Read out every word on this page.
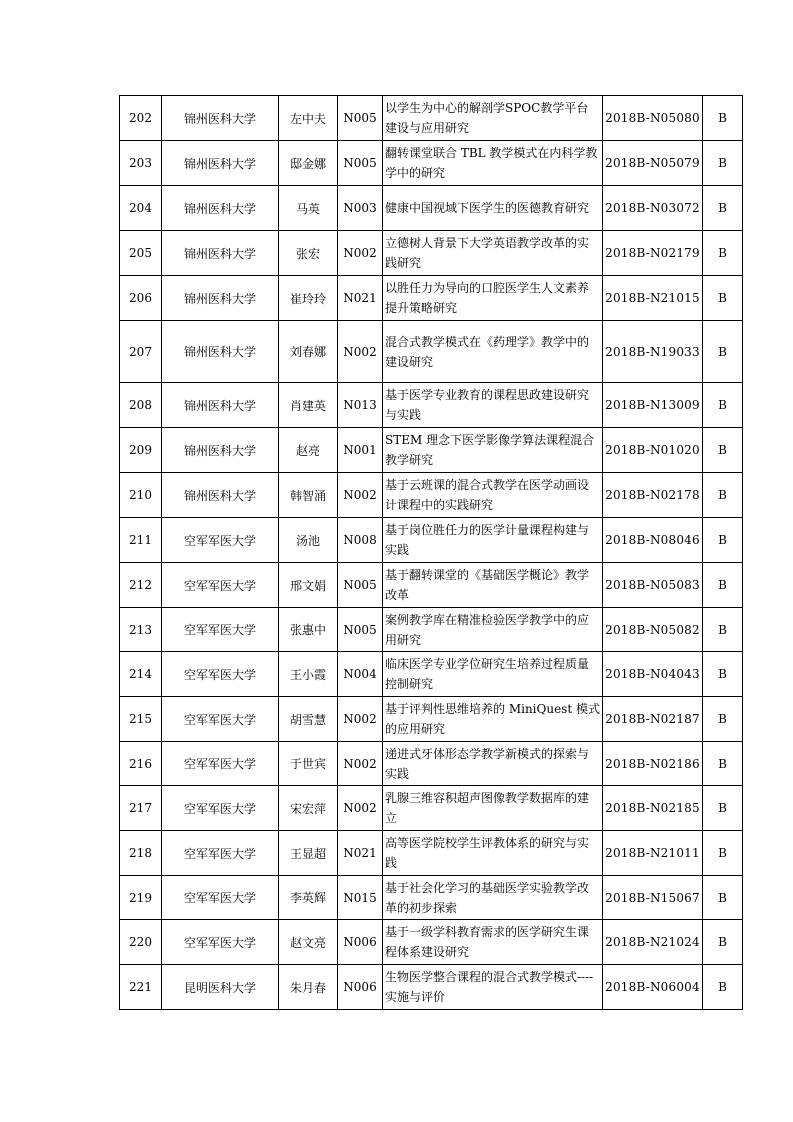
202	锦州医科大学	左中夫	N005	以学生为中心的解剖学SPOC教学平台建设与应用研究	2018B-N05080	B
203	锦州医科大学	邸金娜	N005	翻转课堂联合 TBL 教学模式在内科学教学中的研究	2018B-N05079	B
204	锦州医科大学	马英	N003	健康中国视域下医学生的医德教育研究	2018B-N03072	B
205	锦州医科大学	张宏	N002	立德树人背景下大学英语教学改革的实践研究	2018B-N02179	B
206	锦州医科大学	崔玲玲	N021	以胜任力为导向的口腔医学生人文素养提升策略研究	2018B-N21015	B
207	锦州医科大学	刘春娜	N002	混合式教学模式在《药理学》教学中的建设研究	2018B-N19033	B
208	锦州医科大学	肖建英	N013	基于医学专业教育的课程思政建设研究与实践	2018B-N13009	B
209	锦州医科大学	赵亮	N001	STEM 理念下医学影像学算法课程混合教学研究	2018B-N01020	B
210	锦州医科大学	韩智涌	N002	基于云班课的混合式教学在医学动画设计课程中的实践研究	2018B-N02178	B
211	空军军医大学	汤池	N008	基于岗位胜任力的医学计量课程构建与实践	2018B-N08046	B
212	空军军医大学	邢文娟	N005	基于翻转课堂的《基础医学概论》教学改革	2018B-N05083	B
213	空军军医大学	张惠中	N005	案例教学库在精准检验医学教学中的应用研究	2018B-N05082	B
214	空军军医大学	王小霞	N004	临床医学专业学位研究生培养过程质量控制研究	2018B-N04043	B
215	空军军医大学	胡雪慧	N002	基于评判性思维培养的 MiniQuest 模式的应用研究	2018B-N02187	B
216	空军军医大学	于世宾	N002	递进式牙体形态学教学新模式的探索与实践	2018B-N02186	B
217	空军军医大学	宋宏萍	N002	乳腺三维容积超声图像教学数据库的建立	2018B-N02185	B
218	空军军医大学	王显超	N021	高等医学院校学生评教体系的研究与实践	2018B-N21011	B
219	空军军医大学	李英辉	N015	基于社会化学习的基础医学实验教学改革的初步探索	2018B-N15067	B
220	空军军医大学	赵文亮	N006	基于一级学科教育需求的医学研究生课程体系建设研究	2018B-N21024	B
221	昆明医科大学	朱月春	N006	生物医学整合课程的混合式教学模式----实施与评价	2018B-N06004	B
